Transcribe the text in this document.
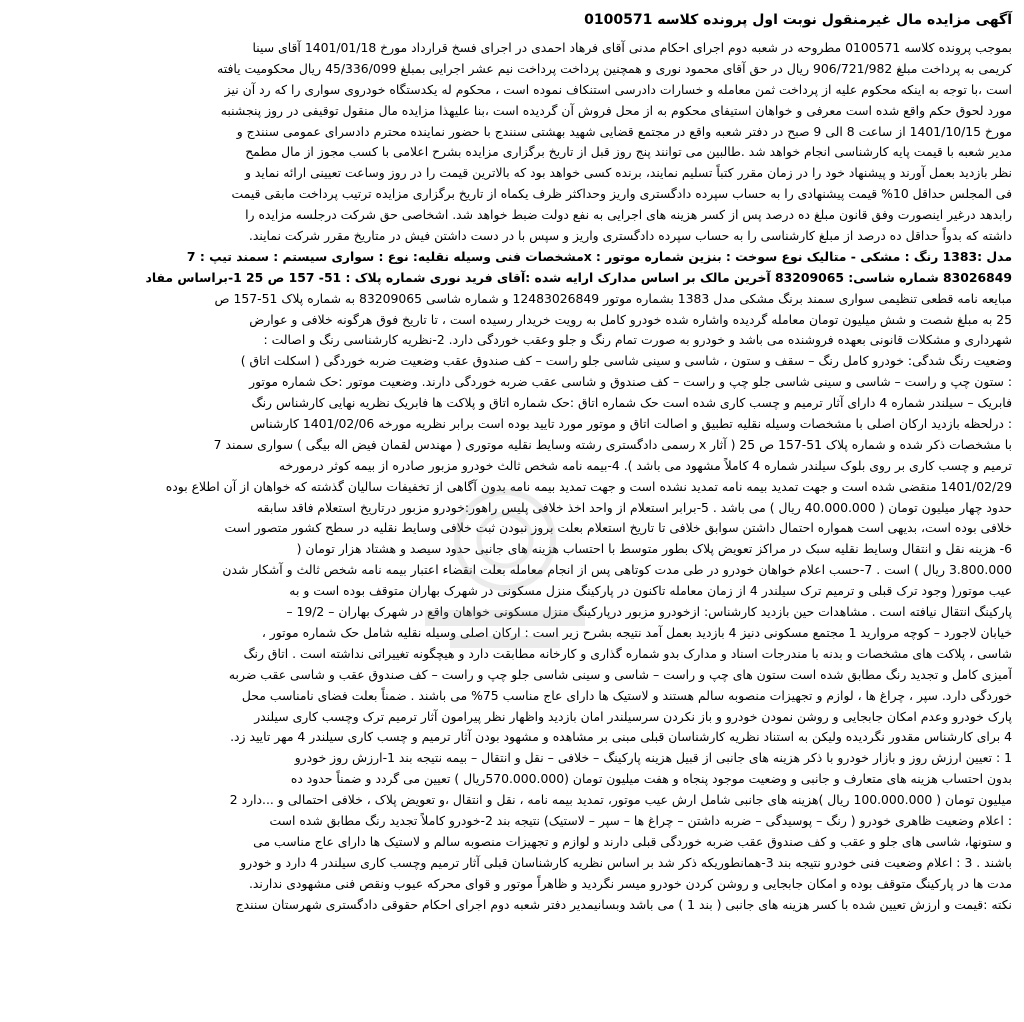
آگهی مزایده مال غیرمنقول نوبت اول پرونده کلاسه 0100571
بموجب پرونده کلاسه 0100571 مطروحه در شعبه دوم اجرای احکام مدنی آقای فرهاد احمدی در اجرای فسخ قرارداد مورخ 1401/01/18 آقای سینا
کریمی به پرداخت مبلغ 906/721/982 ریال در حق آقای محمود نوری و همچنین پرداخت پرداخت نیم عشر اجرایی بمبلغ 45/336/099 ریال محکومیت یافته
است ،با توجه به اینکه محکوم علیه از پرداخت ثمن معامله و خسارات دادرسی استنکاف نموده است ، محکوم له یکدستگاه خودروی سواری را که رد آن نیز
مورد لحوق حکم واقع شده است معرفی و خواهان استیفای محکوم به از محل فروش آن گردیده است ،بنا علیهذا مزایده مال منقول توقیفی در روز پنجشنبه
مورخ 1401/10/15 از ساعت 8 الی 9 صبح در دفتر شعبه واقع در مجتمع قضایی شهید بهشتی سنندج با حضور نماینده محترم دادسرای عمومی سنندج و
مدیر شعبه با قیمت پایه کارشناسی انجام خواهد شد .طالبین می توانند پنج روز قبل از تاریخ برگزاری مزایده بشرح اعلامی با کسب مجوز از مال مطمح
نظر بازدید بعمل آورند و پیشنهاد خود را در زمان مقرر کتباً تسلیم نمایند، برنده کسی خواهد بود که بالاترین قیمت را در روز وساعت تعیینی ارائه نماید و
فی المجلس حداقل 10% قیمت پیشنهادی را به حساب سپرده دادگستری واریز وحداکثر ظرف یکماه از تاریخ برگزاری مزایده ترتیب پرداخت مابقی قیمت
رابدهد درغیر اینصورت وفق قانون مبلغ ده درصد پس از کسر هزینه های اجرایی به نفع دولت ضبط خواهد شد. اشخاصی حق شرکت درجلسه مزایده را
داشته که بدواً حداقل ده درصد از مبلغ کارشناسی را به حساب سپرده دادگستری واریز و سپس با در دست داشتن فیش در متاریخ مقرر شرکت نمایند.
مدل :1383 رنگ : مشکی - متالیک نوع سوخت : بنزین شماره موتور : xمشخصات فنی وسیله نقلیه: نوع : سواری سیستم : سمند تیپ : 7
83026849 شماره شاسی: 83209065 آخرین مالک بر اساس مدارک ارایه شده :آقای فرید نوری شماره پلاک : 51- 157 ص 25 1-براساس مفاد
مبایعه نامه قطعی تنظیمی سواری سمند برنگ مشکی مدل 1383 بشماره موتور 12483026849 و شماره شاسی 83209065 به شماره پلاک 51-157 ص
25 به مبلغ شصت و شش میلیون تومان معامله گردیده واشاره شده خودرو کامل به رویت خریدار رسیده است ، تا تاریخ فوق هرگونه خلافی و عوارض
شهرداری و مشکلات قانونی بعهده فروشنده می باشد و خودرو به صورت تمام رنگ و جلو وعقب خوردگی دارد. 2-نظریه کارشناسی رنگ و اصالت :
وضعیت رنگ شدگی: خودرو کامل رنگ – سقف و ستون ، شاسی و سینی شاسی جلو راست – کف صندوق عقب وضعیت ضربه خوردگی ( اسکلت اتاق )
: ستون چپ و راست – شاسی و سینی شاسی جلو چپ و راست – کف صندوق و شاسی عقب ضربه خوردگی دارند. وضعیت موتور :حک شماره موتور
فابریک – سیلندر شماره 4 دارای آثار ترمیم و چسب کاری شده است حک شماره اتاق :حک شماره اتاق و پلاکت ها فابریک نظریه نهایی کارشناس رنگ
: درلحظه بازدید ارکان اصلی با مشخصات وسیله نقلیه تطبیق و اصالت اتاق و موتور مورد تایید بوده است برابر نظریه مورخه 1401/02/06 کارشناس
با مشخصات ذکر شده و شماره پلاک 51-157 ص 25 ( آثار x رسمی دادگستری رشته وسایط نقلیه موتوری ( مهندس لقمان فیض اله بیگی ) سواری سمند 7
ترمیم و چسب کاری بر روی بلوک سیلندر شماره 4 کاملاً مشهود می باشد ). 4-بیمه نامه شخص ثالث خودرو مزبور صادره از بیمه کوثر درمورخه
1401/02/29 منقضی شده است و جهت تمدید بیمه نامه تمدید نشده است و جهت تمدید بیمه نامه بدون آگاهی از تخفیفات سالیان گذشته که خواهان از آن اطلاع بوده
حدود چهار میلیون تومان ( 40.000.000 ریال ) می باشد . 5-برابر استعلام از واحد اخذ خلافی پلیس راهور:خودرو مزبور درتاریخ استعلام فاقد سابقه
خلافی بوده است، بدیهی است همواره احتمال داشتن سوابق خلافی تا تاریخ استعلام بعلت بروز نبودن ثبت خلافی وسایط نقلیه در سطح کشور متصور است
6- هزینه نقل و انتقال وسایط نقلیه سبک در مراکز تعویض پلاک بطور متوسط با احتساب هزینه های جانبی حدود سیصد و هشتاد هزار تومان (
3.800.000 ریال ) است . 7-حسب اعلام خواهان خودرو در طی مدت کوتاهی پس از انجام معامله بعلت انقضاء اعتبار بیمه نامه شخص ثالث و آشکار شدن
عیب موتور( وجود ترک قبلی و ترمیم ترک سیلندر 4 از زمان معامله تاکنون در پارکینگ منزل مسکونی در شهرک بهاران متوقف بوده است و به
پارکینگ انتقال نیافته است . مشاهدات حین بازدید کارشناس: ازخودرو مزبور درپارکینگ منزل مسکونی خواهان واقع در شهرک بهاران – 19/2 –
خیابان لاجورد – کوچه مرواريد 1 مجتمع مسکونی دنیز 4 بازدید بعمل آمد نتیجه بشرح زیر است : ارکان اصلی وسیله نقلیه شامل حک شماره موتور ،
شاسی ، پلاکت های مشخصات و بدنه با مندرجات اسناد و مدارک بدو شماره گذاری و کارخانه مطابقت دارد و هیچگونه تغییراتی نداشته است . اتاق رنگ
آمیزی کامل و تجدید رنگ مطابق شده است ستون های چپ و راست – شاسی و سینی شاسی جلو چپ و راست – کف صندوق عقب و شاسی عقب ضربه
خوردگی دارد. سپر ، چراغ ها ، لوازم و تجهیزات منصوبه سالم هستند و لاستیک ها دارای عاج مناسب 75% می باشند . ضمناً بعلت فضای نامناسب محل
پارک خودرو وعدم امکان جابجایی و روشن نمودن خودرو و باز نکردن سرسیلندر امان بازدید واظهار نظر پیرامون آثار ترمیم ترک وچسب کاری سیلندر
4 برای کارشناس مقدور نگردیده ولیکن به استناد نظریه کارشناسان قبلی مبنی بر مشاهده و مشهود بودن آثار ترمیم و چسب کاری سیلندر 4 مهر تایید زد.
1 : تعیین ارزش روز و بازار خودرو با ذکر هزینه های جانبی از قبیل هزینه پارکینگ – خلافی – نقل و انتقال – بیمه نتیجه بند 1-ارزش روز خودرو
بدون احتساب هزینه های متعارف و جانبی و وضعیت موجود پنجاه و هفت میلیون تومان (570.000.000ریال ) تعیین می گردد و ضمناً حدود ده
میلیون تومان ( 100.000.000 ریال )هزینه های جانبی شامل ارش عیب موتور، تمدید بیمه نامه ، نقل و انتقال ،و تعویض پلاک ، خلافی احتمالی و ...دارد 2
: اعلام وضعیت ظاهری خودرو ( رنگ – پوسیدگی – ضربه داشتن – چراغ ها – سپر – لاستیک) نتیجه بند 2-خودرو کاملاً تجدید رنگ مطابق شده است
و ستونها، شاسی های جلو و عقب و کف صندوق عقب ضربه خوردگی قبلی دارند و لوازم و تجهیزات منصوبه سالم و لاستیک ها دارای عاج مناسب می
باشند . 3 : اعلام وضعیت فنی خودرو نتیجه بند 3-همانطوریکه ذکر شد بر اساس نظریه کارشناسان قبلی آثار ترمیم وچسب کاری سیلندر 4 دارد و خودرو
مدت ها در پارکینگ متوقف بوده و امکان جابجایی و روشن کردن خودرو میسر نگردید و ظاهراً موتور و قوای محرکه عیوب ونقص فنی مشهودی ندارند.
نکته :قیمت و ارزش تعیین شده با کسر هزینه های جانبی ( بند 1 ) می باشد وبسانیمدیر دفتر شعبه دوم اجرای احکام حقوقی دادگستری شهرستان سنندج
